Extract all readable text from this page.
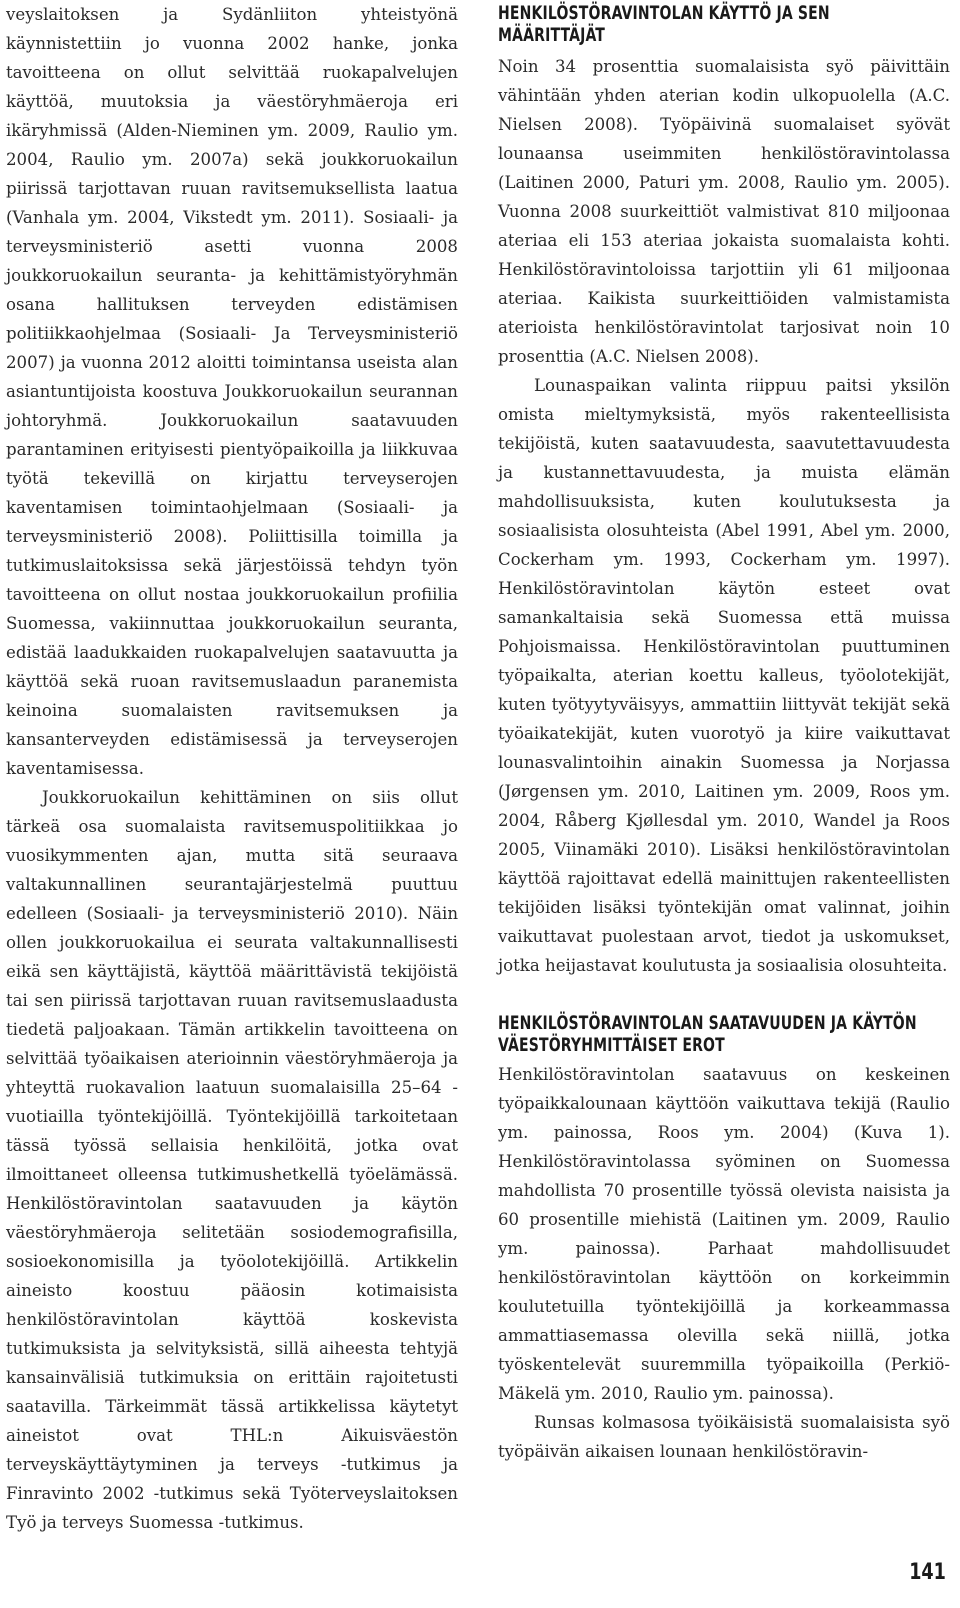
veyslaitoksen ja Sydänliiton yhteistyönä käynnistettiin jo vuonna 2002 hanke, jonka tavoitteena on ollut selvittää ruokapalvelujen käyttöä, muutoksia ja väestöryhmäeroja eri ikäryhmissä (Alden-Nieminen ym. 2009, Raulio ym. 2004, Raulio ym. 2007a) sekä joukkoruokailun piirissä tarjottavan ruuan ravitsemuksellista laatua (Vanhala ym. 2004, Vikstedt ym. 2011). Sosiaali- ja terveysministeriö asetti vuonna 2008 joukkoruokailun seuranta- ja kehittämistyöryhmän osana hallituksen terveyden edistämisen politiikkaohjelmaa (Sosiaali- Ja Terveysministeriö 2007) ja vuonna 2012 aloitti toimintansa useista alan asiantuntijoista koostuva Joukkoruokailun seurannan johtoryhmä. Joukkoruokailun saatavuuden parantaminen erityisesti pientyöpaikoilla ja liikkuvaa työtä tekevillä on kirjattu terveyserojen kaventamisen toimintaohjelmaan (Sosiaali- ja terveysministeriö 2008). Poliittisilla toimilla ja tutkimuslaitoksissa sekä järjestöissä tehdyn työn tavoitteena on ollut nostaa joukkoruokailun profiilia Suomessa, vakiinnuttaa joukkoruokailun seuranta, edistää laadukkaiden ruokapalvelujen saatavuutta ja käyttöä sekä ruoan ravitsemuslaadun paranemista keinoina suomalaisten ravitsemuksen ja kansanterveyden edistämisessä ja terveyserojen kaventamisessa.

Joukkoruokailun kehittäminen on siis ollut tärkeä osa suomalaista ravitsemuspolitiikkaa jo vuosikymmenten ajan, mutta sitä seuraava valtakunnallinen seurantajärjestelmä puuttuu edelleen (Sosiaali- ja terveysministeriö 2010). Näin ollen joukkoruokailua ei seurata valtakunnallisesti eikä sen käyttäjistä, käyttöä määrittävistä tekijöistä tai sen piirissä tarjottavan ruuan ravitsemuslaadusta tiedetä paljoakaan. Tämän artikkelin tavoitteena on selvittää työaikaisen aterioinnin väestöryhmäeroja ja yhteyttä ruokavalion laatuun suomalaisilla 25–64 -vuotiailla työntekijöillä. Työntekijöillä tarkoitetaan tässä työssä sellaisia henkilöitä, jotka ovat ilmoittaneet olleensa tutkimushetkellä työelämässä. Henkilöstöravintolan saatavuuden ja käytön väestöryhmäeroja selitetään sosiodemografisilla, sosioekonomisilla ja työolotekijöillä. Artikkelin aineisto koostuu pääosin kotimaisista henkilöstöravintolan käyttöä koskevista tutkimuksista ja selvityksistä, sillä aiheesta tehtyjä kansainvälisiä tutkimuksia on erittäin rajoitetusti saatavilla. Tärkeimmät tässä artikkelissa käytetyt aineistot ovat THL:n Aikuisväestön terveyskäyttäytyminen ja terveys -tutkimus ja Finravinto 2002 -tutkimus sekä Työterveyslaitoksen Työ ja terveys Suomessa -tutkimus.

HENKILÖSTÖRAVINTOLAN KÄYTTÖ JA SEN
MÄÄRITTÄJÄT

Noin 34 prosenttia suomalaisista syö päivittäin vähintään yhden aterian kodin ulkopuolella (A.C. Nielsen 2008). Työpäivinä suomalaiset syövät lounaansa useimmiten henkilöstöravintolassa (Laitinen 2000, Paturi ym. 2008, Raulio ym. 2005). Vuonna 2008 suurkeittiöt valmistivat 810 miljoonaa ateriaa eli 153 ateriaa jokaista suomalaista kohti. Henkilöstöravintoloissa tarjottiin yli 61 miljoonaa ateriaa. Kaikista suurkeittiöiden valmistamista aterioista henkilöstöravintolat tarjosivat noin 10 prosenttia (A.C. Nielsen 2008).

Lounaspaikan valinta riippuu paitsi yksilön omista mieltymyksistä, myös rakenteellisista tekijöistä, kuten saatavuudesta, saavutettavuudesta ja kustannettavuudesta, ja muista elämän mahdollisuuksista, kuten koulutuksesta ja sosiaalisista olosuhteista (Abel 1991, Abel ym. 2000, Cockerham ym. 1993, Cockerham ym. 1997). Henkilöstöravintolan käytön esteet ovat samankaltaisia sekä Suomessa että muissa Pohjoismaissa. Henkilöstöravintolan puuttuminen työpaikalta, aterian koettu kalleus, työolotekijät, kuten työtyytyväisyys, ammattiin liittyvät tekijät sekä työaikatekijät, kuten vuorotyö ja kiire vaikuttavat lounasvalintoihin ainakin Suomessa ja Norjassa (Jørgensen ym. 2010, Laitinen ym. 2009, Roos ym. 2004, Råberg Kjøllesdal ym. 2010, Wandel ja Roos 2005, Viinamäki 2010). Lisäksi henkilöstöravintolan käyttöä rajoittavat edellä mainittujen rakenteellisten tekijöiden lisäksi työntekijän omat valinnat, joihin vaikuttavat puolestaan arvot, tiedot ja uskomukset, jotka heijastavat koulutusta ja sosiaalisia olosuhteita.

HENKILÖSTÖRAVINTOLAN SAATAVUUDEN JA KÄYTÖN
VÄESTÖRYHMITTÄISET EROT

Henkilöstöravintolan saatavuus on keskeinen työpaikkalounaan käyttöön vaikuttava tekijä (Raulio ym. painossa, Roos ym. 2004) (Kuva 1). Henkilöstöravintolassa syöminen on Suomessa mahdollista 70 prosentille työssä olevista naisista ja 60 prosentille miehistä (Laitinen ym. 2009, Raulio ym. painossa). Parhaat mahdollisuudet henkilöstöravintolan käyttöön on korkeimmin koulutetuilla työntekijöillä ja korkeammassa ammattiasemassa olevilla sekä niillä, jotka työskentelevät suuremmilla työpaikoilla (Perkiö-Mäkelä ym. 2010, Raulio ym. painossa).

Runsas kolmasosa työikäisistä suomalaisista syö työpäivän aikaisen lounaan henkilöstöravin-

141
